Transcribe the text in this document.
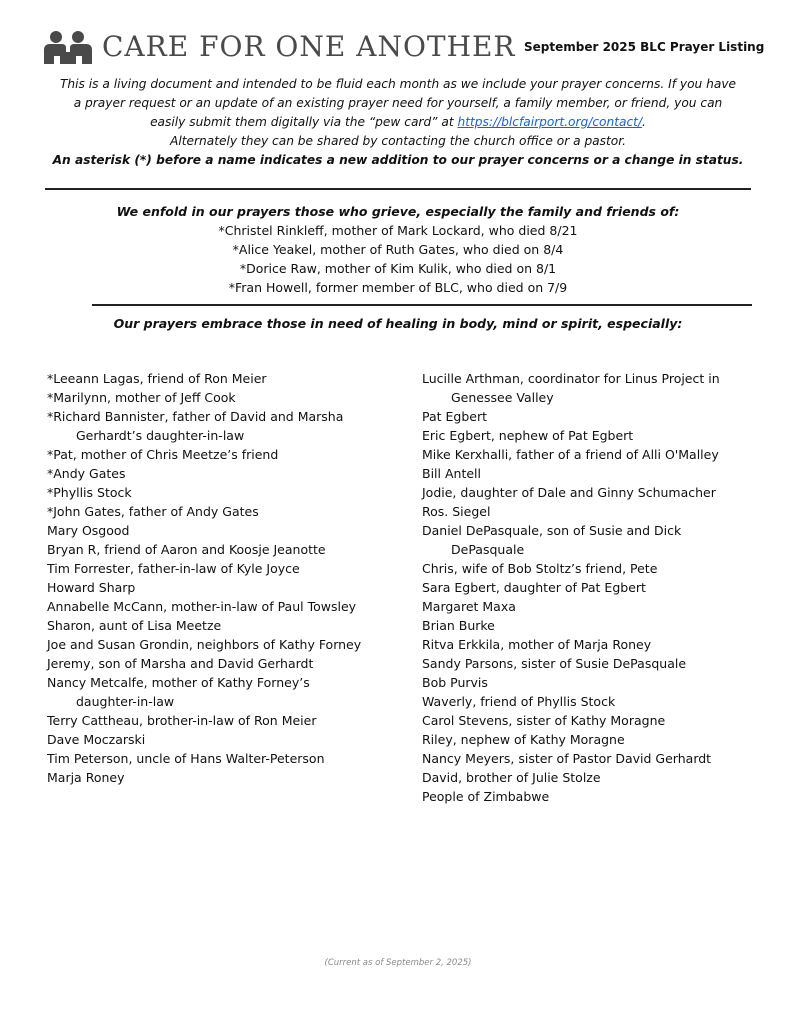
CARE FOR ONE ANOTHER September 2025 BLC Prayer Listing

This is a living document and intended to be fluid each month as we include your prayer concerns. If you have

a prayer request or an update of an existing prayer need for yourself, a family member, or friend, you can

easily submit them digitally via the “pew card” at https://blcfairport.org/contact/.

Alternately they can be shared by contacting the church office or a pastor.

An asterisk (*) before a name indicates a new addition to our prayer concerns or a change in status.

We enfold in our prayers those who grieve, especially the family and friends of:
*Christel Rinkleff, mother of Mark Lockard, who died 8/21
*Alice Yeakel, mother of Ruth Gates, who died on 8/4
*Dorice Raw, mother of Kim Kulik, who died on 8/1
*Fran Howell, former member of BLC, who died on 7/9
Our prayers embrace those in need of healing in body, mind or spirit, especially:
*Leeann Lagas, friend of Ron Meier
*Marilynn, mother of Jeff Cook
*Richard Bannister, father of David and Marsha
Gerhardt’s daughter-in-law
*Pat, mother of Chris Meetze’s friend
*Andy Gates
*Phyllis Stock
*John Gates, father of Andy Gates
Mary Osgood
Bryan R, friend of Aaron and Koosje Jeanotte
Tim Forrester, father-in-law of Kyle Joyce
Howard Sharp
Annabelle McCann, mother-in-law of Paul Towsley
Sharon, aunt of Lisa Meetze
Joe and Susan Grondin, neighbors of Kathy Forney
Jeremy, son of Marsha and David Gerhardt
Nancy Metcalfe, mother of Kathy Forney’s
daughter-in-law
Terry Cattheau, brother-in-law of Ron Meier
Dave Moczarski
Tim Peterson, uncle of Hans Walter-Peterson
Marja Roney
Lucille Arthman, coordinator for Linus Project in
Genessee Valley
Pat Egbert
Eric Egbert, nephew of Pat Egbert
Mike Kerxhalli, father of a friend of Alli O'Malley
Bill Antell
Jodie, daughter of Dale and Ginny Schumacher
Ros. Siegel
Daniel DePasquale, son of Susie and Dick
DePasquale
Chris, wife of Bob Stoltz’s friend, Pete
Sara Egbert, daughter of Pat Egbert
Margaret Maxa
Brian Burke
Ritva Erkkila, mother of Marja Roney
Sandy Parsons, sister of Susie DePasquale
Bob Purvis
Waverly, friend of Phyllis Stock
Carol Stevens, sister of Kathy Moragne
Riley, nephew of Kathy Moragne
Nancy Meyers, sister of Pastor David Gerhardt
David, brother of Julie Stolze
People of Zimbabwe
(Current as of September 2, 2025)
